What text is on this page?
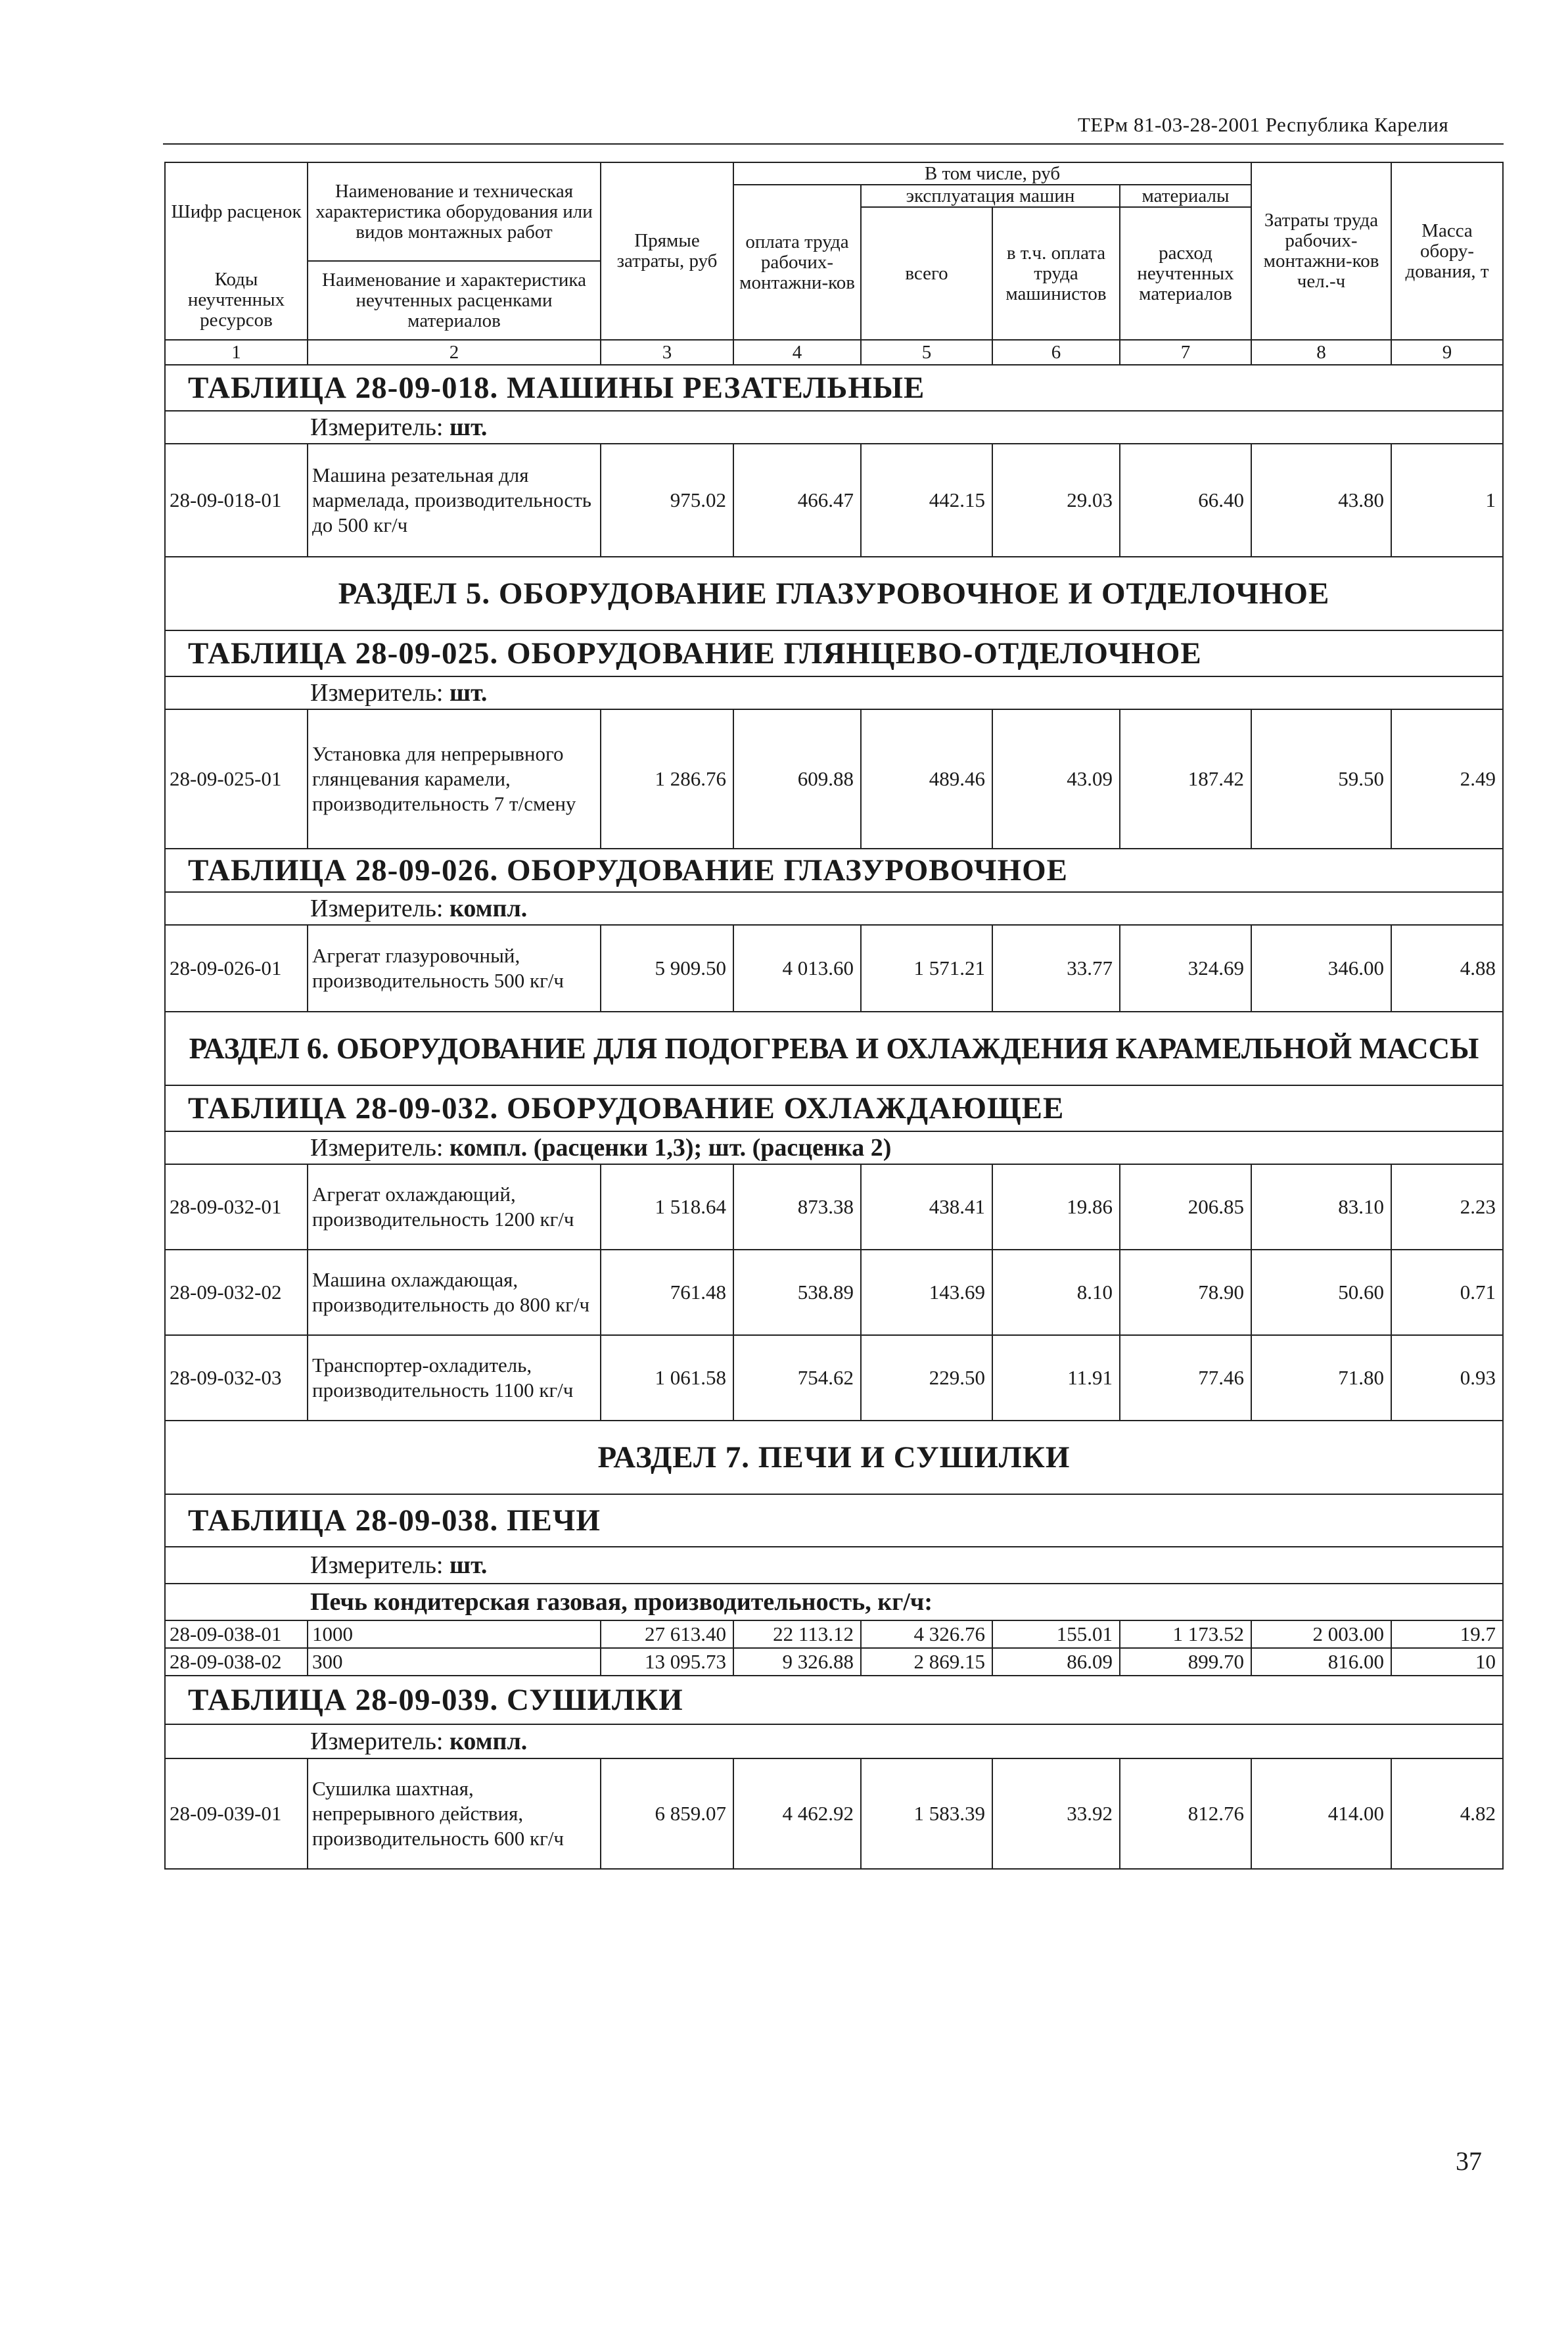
ТЕРм 81-03-28-2001 Республика Карелия
Шифр расценок	Наименование и техническая характеристика оборудования или видов монтажных работ	Прямые затраты, руб	В том числе, руб				Затраты труда рабочих-монтажни-ков чел.-ч	Масса обору-дования, т
			оплата труда рабочих-монтажни-ков	эксплуатация машин		материалы		
				всего	в т.ч. оплата труда машинистов	расход неучтенных материалов		
Коды неучтенных ресурсов	Наименование и характеристика неучтенных расценками материалов							

1	2	3	4	5	6	7	8	9
ТАБЛИЦА 28-09-018. МАШИНЫ РЕЗАТЕЛЬНЫЕ								
Измеритель: шт.								
28-09-018-01	Машина резательная для мармелада, производительность до 500 кг/ч	975.02	466.47	442.15	29.03	66.40	43.80	1
РАЗДЕЛ 5. ОБОРУДОВАНИЕ ГЛАЗУРОВОЧНОЕ И ОТДЕЛОЧНОЕ								
ТАБЛИЦА 28-09-025. ОБОРУДОВАНИЕ ГЛЯНЦЕВО-ОТДЕЛОЧНОЕ								
Измеритель: шт.								
28-09-025-01	Установка для непрерывного глянцевания карамели, производительность 7 т/смену	1 286.76	609.88	489.46	43.09	187.42	59.50	2.49
ТАБЛИЦА 28-09-026. ОБОРУДОВАНИЕ ГЛАЗУРОВОЧНОЕ								
Измеритель: компл.								
28-09-026-01	Агрегат глазуровочный, производительность 500 кг/ч	5 909.50	4 013.60	1 571.21	33.77	324.69	346.00	4.88
РАЗДЕЛ 6. ОБОРУДОВАНИЕ ДЛЯ ПОДОГРЕВА И ОХЛАЖДЕНИЯ КАРАМЕЛЬНОЙ МАССЫ								
ТАБЛИЦА 28-09-032. ОБОРУДОВАНИЕ ОХЛАЖДАЮЩЕЕ								
Измеритель: компл. (расценки 1,3); шт. (расценка 2)								
28-09-032-01	Агрегат охлаждающий, производительность 1200 кг/ч	1 518.64	873.38	438.41	19.86	206.85	83.10	2.23
28-09-032-02	Машина охлаждающая, производительность до 800 кг/ч	761.48	538.89	143.69	8.10	78.90	50.60	0.71
28-09-032-03	Транспортер-охладитель, производительность 1100 кг/ч	1 061.58	754.62	229.50	11.91	77.46	71.80	0.93
РАЗДЕЛ 7. ПЕЧИ И СУШИЛКИ								
ТАБЛИЦА 28-09-038. ПЕЧИ								
Измеритель: шт.								
Печь кондитерская газовая, производительность, кг/ч:								
28-09-038-01	1000	27 613.40	22 113.12	4 326.76	155.01	1 173.52	2 003.00	19.7
28-09-038-02	300	13 095.73	9 326.88	2 869.15	86.09	899.70	816.00	10
ТАБЛИЦА 28-09-039. СУШИЛКИ								
Измеритель: компл.								
28-09-039-01	Сушилка шахтная, непрерывного действия, производительность 600 кг/ч	6 859.07	4 462.92	1 583.39	33.92	812.76	414.00	4.82
37
